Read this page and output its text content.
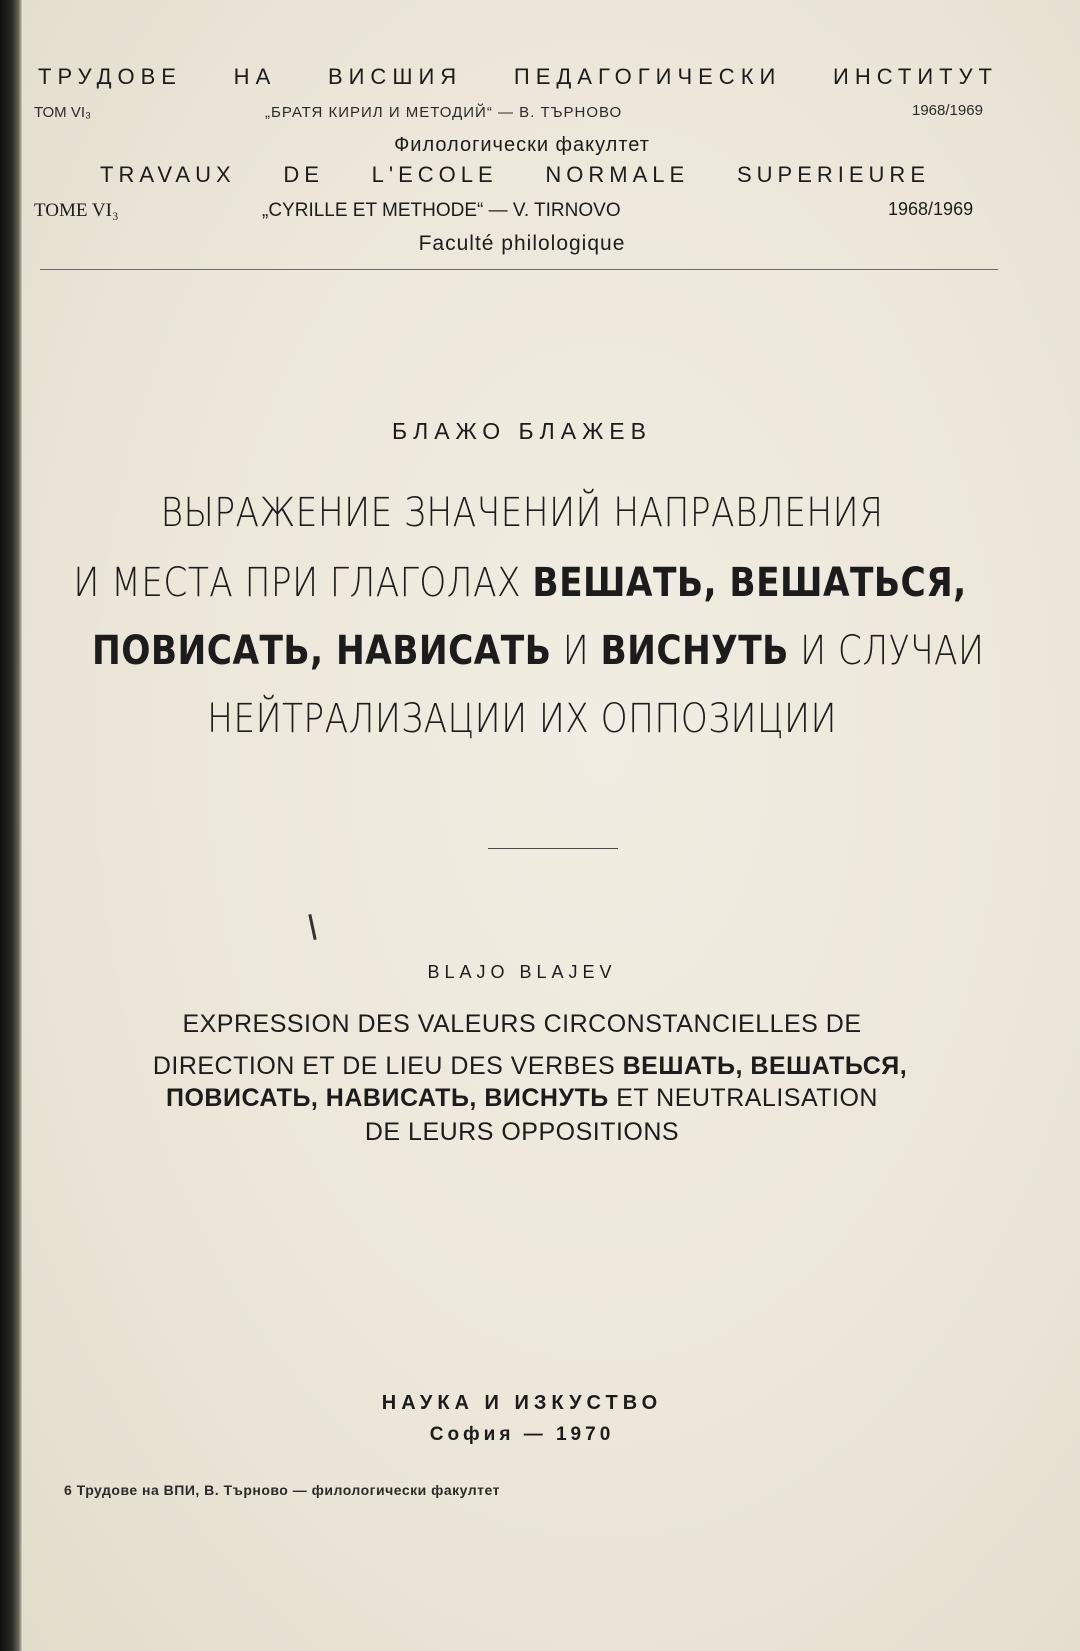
ТРУДОВЕ НА ВИСШИЯ ПЕДАГОГИЧЕСКИ ИНСТИТУТ
ТОМ VI₃	„БРАТЯ КИРИЛ И МЕТОДИЙ“ — В. ТЪРНОВО	1968/1969
Филологически факултет
TRAVAUX DE L'ECOLE NORMALE SUPERIEURE
TOME VI₃	„CYRILLE ET METHODE“ — V. TIRNOVO	1968/1969
Faculté philologique
БЛАЖО БЛАЖЕВ
ВЫРАЖЕНИЕ ЗНАЧЕНИЙ НАПРАВЛЕНИЯ
И МЕСТА ПРИ ГЛАГОЛАХ ВЕШАТЬ, ВЕШАТЬСЯ,
ПОВИСАТЬ, НАВИСАТЬ И ВИСНУТЬ И СЛУЧАИ
НЕЙТРАЛИЗАЦИИ ИХ ОППОЗИЦИИ
BLAJO BLAJEV
EXPRESSION DES VALEURS CIRCONSTANCIELLES DE
DIRECTION ET DE LIEU DES VERBES ВЕШАТЬ, ВЕШАТЬСЯ,
ПОВИСАТЬ, НАВИСАТЬ, ВИСНУТЬ ET NEUTRALISATION
DE LEURS OPPOSITIONS
НАУКА И ИЗКУСТВО
София — 1970
6 Трудове на ВПИ, В. Търново — филологически факултет
